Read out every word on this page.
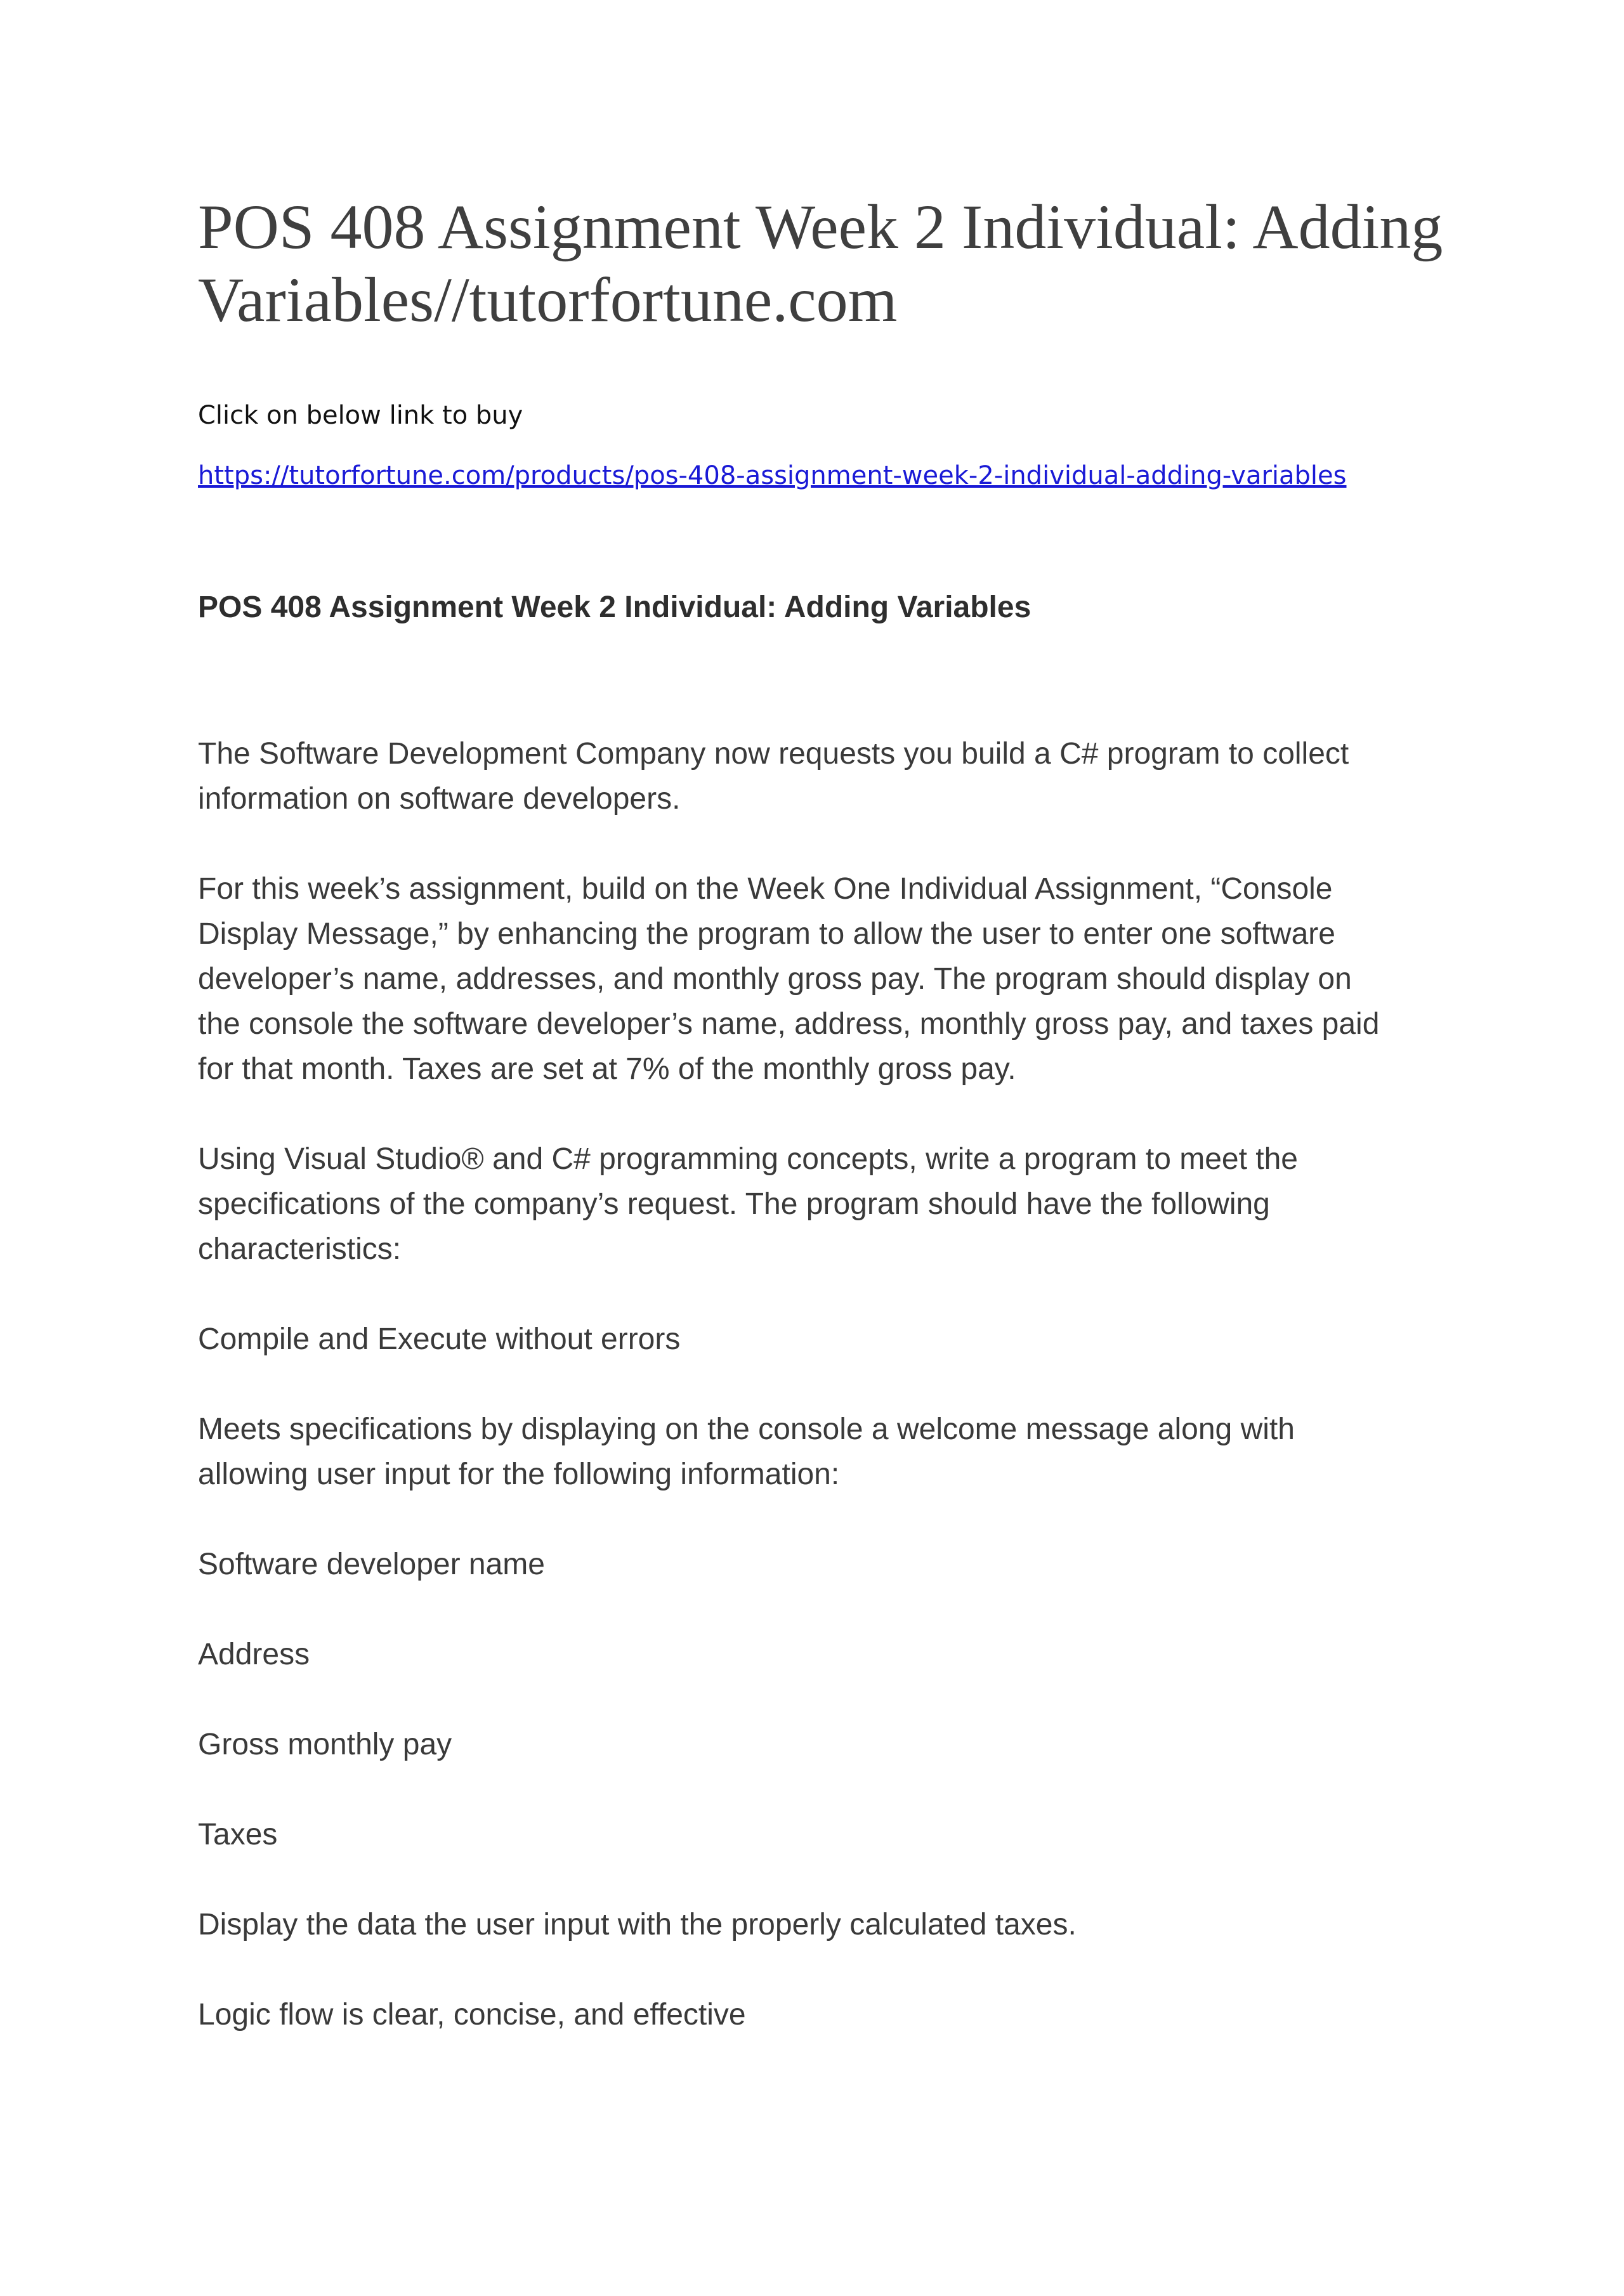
POS 408 Assignment Week 2 Individual: Adding
Variables//tutorfortune.com

Click on below link to buy

https://tutorfortune.com/products/pos-408-assignment-week-2-individual-adding-variables
POS 408 Assignment Week 2 Individual: Adding Variables

The Software Development Company now requests you build a C# program to collect
information on software developers.

For this week’s assignment, build on the Week One Individual Assignment, “Console
Display Message,” by enhancing the program to allow the user to enter one software
developer’s name, addresses, and monthly gross pay. The program should display on
the console the software developer’s name, address, monthly gross pay, and taxes paid
for that month. Taxes are set at 7% of the monthly gross pay.

Using Visual Studio® and C# programming concepts, write a program to meet the
specifications of the company’s request. The program should have the following
characteristics:

Compile and Execute without errors

Meets specifications by displaying on the console a welcome message along with
allowing user input for the following information:

Software developer name

Address

Gross monthly pay

Taxes

Display the data the user input with the properly calculated taxes.

Logic flow is clear, concise, and effective
